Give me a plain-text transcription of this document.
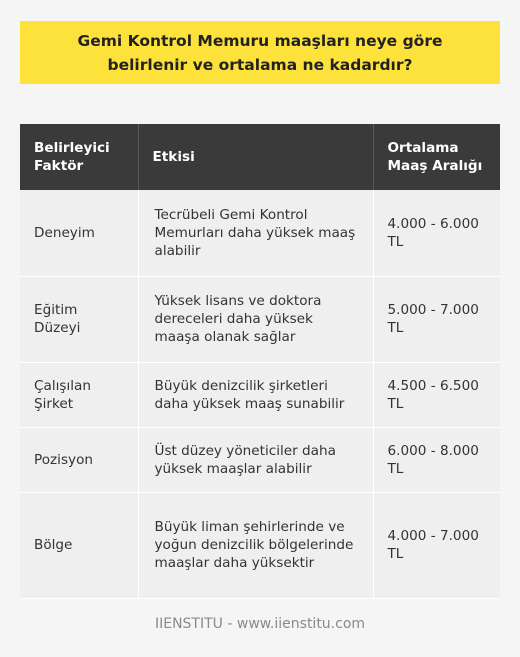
Gemi Kontrol Memuru maaşları neye göre belirlenir ve ortalama ne kadardır?
Belirleyici Faktör	Etkisi	Ortalama Maaş Aralığı
Deneyim	Tecrübeli Gemi Kontrol Memurları daha yüksek maaş alabilir	4.000 - 6.000 TL
Eğitim Düzeyi	Yüksek lisans ve doktora dereceleri daha yüksek maaşa olanak sağlar	5.000 - 7.000 TL
Çalışılan Şirket	Büyük denizcilik şirketleri daha yüksek maaş sunabilir	4.500 - 6.500 TL
Pozisyon	Üst düzey yöneticiler daha yüksek maaşlar alabilir	6.000 - 8.000 TL
Bölge	Büyük liman şehirlerinde ve yoğun denizcilik bölgelerinde maaşlar daha yüksektir	4.000 - 7.000 TL
IIENSTITU - www.iienstitu.com
